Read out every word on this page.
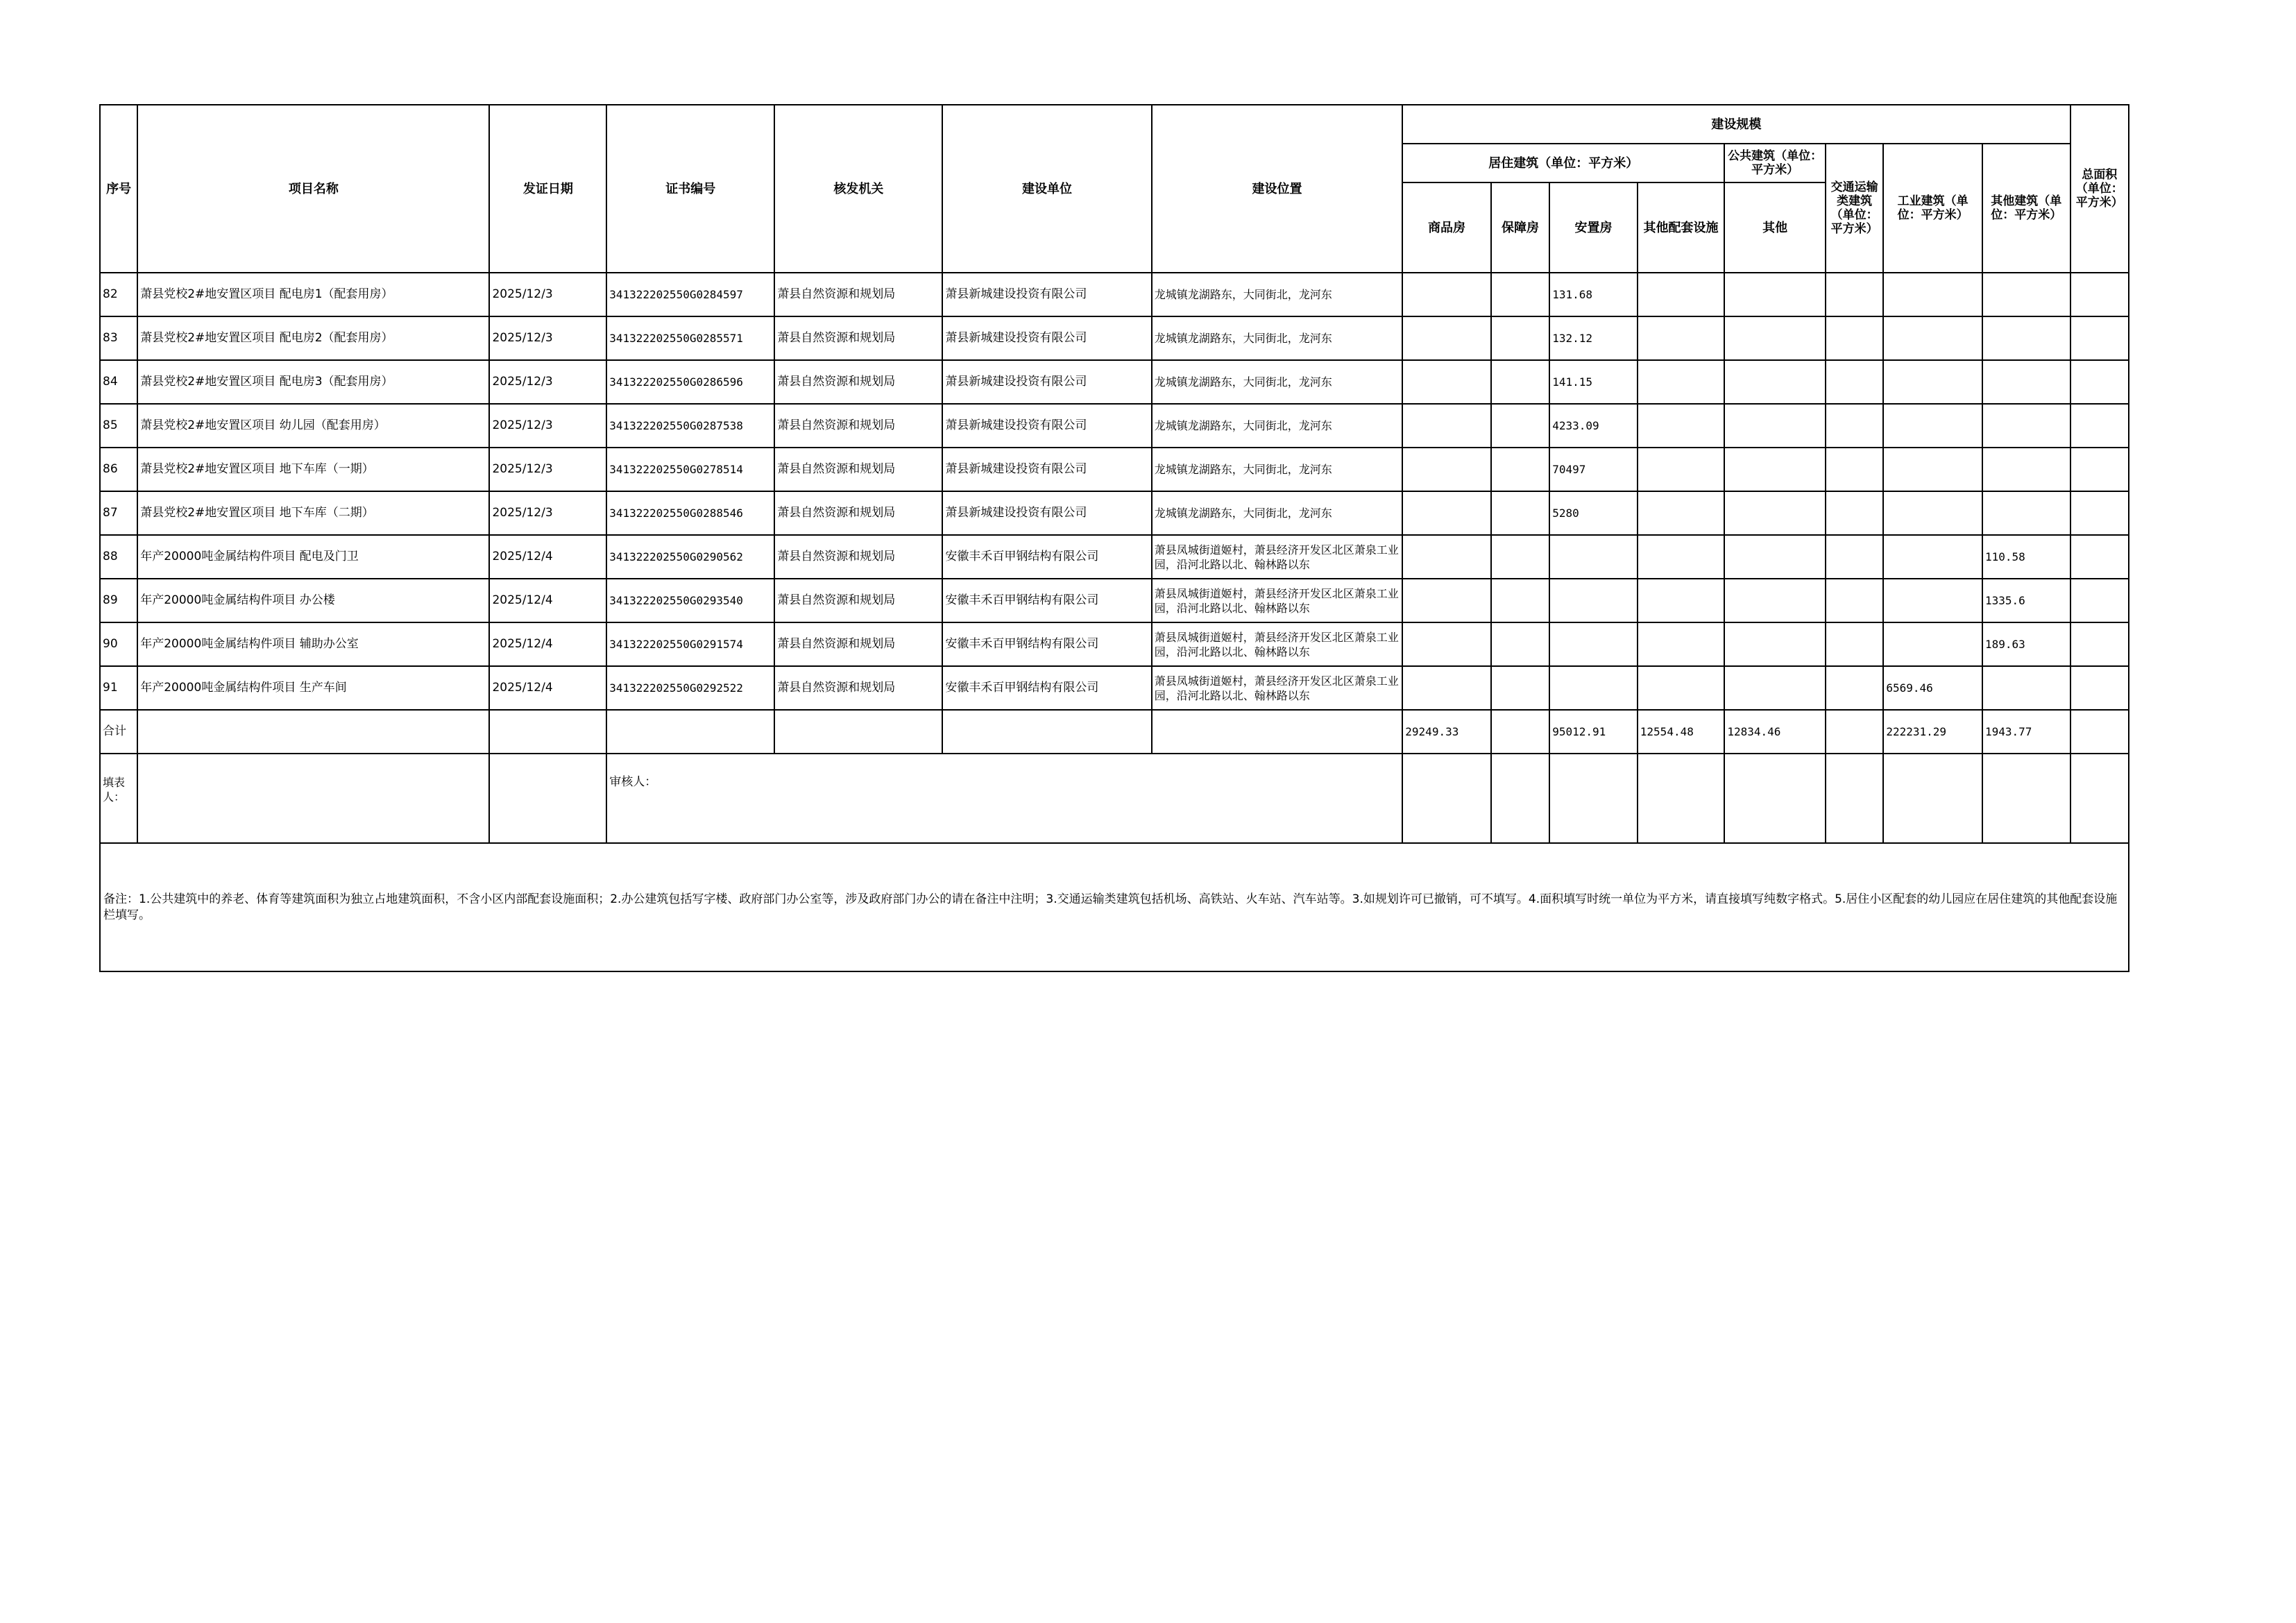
序号	项目名称	发证日期	证书编号	核发机关	建设单位	建设位置	建设规模								总面积（单位：平方米）
							居住建筑（单位：平方米）				公共建筑（单位：平方米）	交通运输类建筑（单位：平方米）	工业建筑（单位：平方米）	其他建筑（单位：平方米）	
							商品房	保障房	安置房	其他配套设施	其他				
82	萧县党校2#地安置区项目 配电房1（配套用房）	2025/12/3	341322202550G0284597	萧县自然资源和规划局	萧县新城建设投资有限公司	龙城镇龙湖路东，大同街北，龙河东			131.68						
83	萧县党校2#地安置区项目 配电房2（配套用房）	2025/12/3	341322202550G0285571	萧县自然资源和规划局	萧县新城建设投资有限公司	龙城镇龙湖路东，大同街北，龙河东			132.12						
84	萧县党校2#地安置区项目 配电房3（配套用房）	2025/12/3	341322202550G0286596	萧县自然资源和规划局	萧县新城建设投资有限公司	龙城镇龙湖路东，大同街北，龙河东			141.15						
85	萧县党校2#地安置区项目 幼儿园（配套用房）	2025/12/3	341322202550G0287538	萧县自然资源和规划局	萧县新城建设投资有限公司	龙城镇龙湖路东，大同街北，龙河东			4233.09						
86	萧县党校2#地安置区项目 地下车库（一期）	2025/12/3	341322202550G0278514	萧县自然资源和规划局	萧县新城建设投资有限公司	龙城镇龙湖路东，大同街北，龙河东			70497						
87	萧县党校2#地安置区项目 地下车库（二期）	2025/12/3	341322202550G0288546	萧县自然资源和规划局	萧县新城建设投资有限公司	龙城镇龙湖路东，大同街北，龙河东			5280						
88	年产20000吨金属结构件项目 配电及门卫	2025/12/4	341322202550G0290562	萧县自然资源和规划局	安徽丰禾百甲钢结构有限公司	萧县凤城街道姬村，萧县经济开发区北区萧泉工业园，沿河北路以北、翰林路以东								110.58	
89	年产20000吨金属结构件项目 办公楼	2025/12/4	341322202550G0293540	萧县自然资源和规划局	安徽丰禾百甲钢结构有限公司	萧县凤城街道姬村，萧县经济开发区北区萧泉工业园，沿河北路以北、翰林路以东								1335.6	
90	年产20000吨金属结构件项目 辅助办公室	2025/12/4	341322202550G0291574	萧县自然资源和规划局	安徽丰禾百甲钢结构有限公司	萧县凤城街道姬村，萧县经济开发区北区萧泉工业园，沿河北路以北、翰林路以东								189.63	
91	年产20000吨金属结构件项目 生产车间	2025/12/4	341322202550G0292522	萧县自然资源和规划局	安徽丰禾百甲钢结构有限公司	萧县凤城街道姬村，萧县经济开发区北区萧泉工业园，沿河北路以北、翰林路以东							6569.46		
合计							29249.33		95012.91	12554.48	12834.46		222231.29	1943.77	
填表人：			审核人：												
备注：1.公共建筑中的养老、体育等建筑面积为独立占地建筑面积，不含小区内部配套设施面积；2.办公建筑包括写字楼、政府部门办公室等，涉及政府部门办公的请在备注中注明；3.交通运输类建筑包括机场、高铁站、火车站、汽车站等。3.如规划许可已撤销，可不填写。4.面积填写时统一单位为平方米，请直接填写纯数字格式。5.居住小区配套的幼儿园应在居住建筑的其他配套设施栏填写。															
